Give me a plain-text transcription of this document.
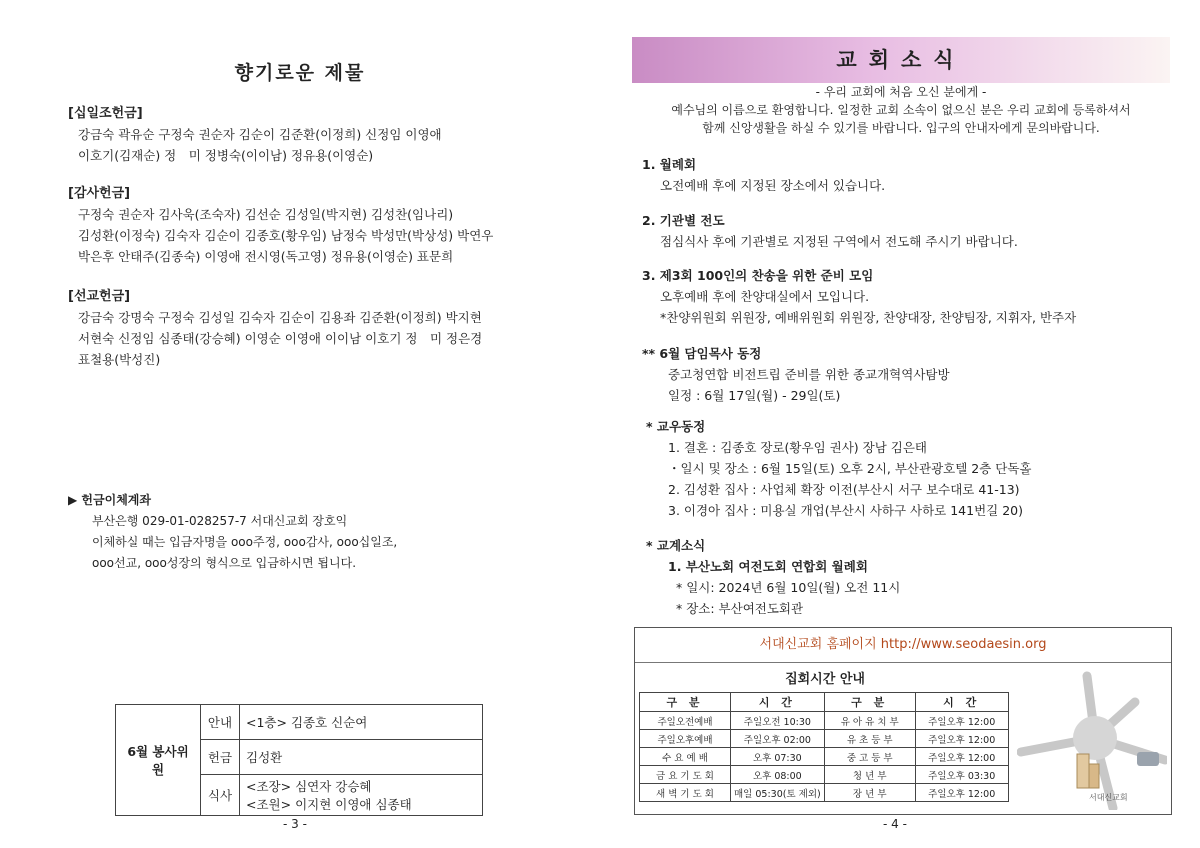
향기로운 제물
[십일조헌금]
강금숙 곽유순 구정숙 권순자 김순이 김준환(이정희) 신정임 이영애
이호기(김재순) 정　미 정병숙(이이남) 정유용(이영순)
[감사헌금]
구정숙 권순자 김사욱(조숙자) 김선순 김성일(박지현) 김성찬(임나리)
김성환(이정숙) 김숙자 김순이 김종호(황우임) 남정숙 박성만(박상성) 박연우
박은후 안태주(김종숙) 이영애 전시영(독고영) 정유용(이영순) 표문희
[선교헌금]
강금숙 강명숙 구정숙 김성일 김숙자 김순이 김용좌 김준환(이정희) 박지현
서현숙 신정임 심종태(강승혜) 이영순 이영애 이이남 이호기 정　미 정은경
표철용(박성진)
▶ 헌금이체계좌
부산은행 029-01-028257-7 서대신교회 장호익
이체하실 때는 입금자명을 ooo주정, ooo감사, ooo십일조,
ooo선교, ooo성장의 형식으로 입금하시면 됩니다.
6월 봉사위원	안내	<1층> 김종호 신순여
	헌금	김성환
	식사	<조장> 심연자 강승혜
<조원> 이지현 이영애 심종태
- 3 -
교회소식
- 우리 교회에 처음 오신 분에게 -
예수님의 이름으로 환영합니다. 일정한 교회 소속이 없으신 분은 우리 교회에 등록하셔서
함께 신앙생활을 하실 수 있기를 바랍니다. 입구의 안내자에게 문의바랍니다.
1. 월례회
오전예배 후에 지정된 장소에서 있습니다.
2. 기관별 전도
점심식사 후에 기관별로 지정된 구역에서 전도해 주시기 바랍니다.
3. 제3회 100인의 찬송을 위한 준비 모임
오후예배 후에 찬양대실에서 모입니다.
*찬양위원회 위원장, 예배위원회 위원장, 찬양대장, 찬양팀장, 지휘자, 반주자
** 6월 담임목사 동정
중고청연합 비전트립 준비를 위한 종교개혁역사탐방
일정 : 6월 17일(월) - 29일(토)
* 교우동정
1. 결혼 : 김종호 장로(황우임 권사) 장남 김은태
・일시 및 장소 : 6월 15일(토) 오후 2시, 부산관광호텔 2층 단독홀
2. 김성환 집사 : 사업체 확장 이전(부산시 서구 보수대로 41-13)
3. 이경아 집사 : 미용실 개업(부산시 사하구 사하로 141번길 20)
* 교계소식
1. 부산노회 여전도회 연합회 월례회
* 일시: 2024년 6월 10일(월) 오전 11시
* 장소: 부산여전도회관
서대신교회 홈페이지 http://www.seodaesin.org
집회시간 안내
구 분	시 간	구 분	시 간
주일오전예배	주일오전 10:30	유 아 유 치 부	주일오후 12:00
주일오후예배	주일오후 02:00	유 초 등 부	주일오후 12:00
수 요 예 배	오후 07:30	중 고 등 부	주일오후 12:00
금 요 기 도 회	오후 08:00	청 년 부	주일오후 03:30
새 벽 기 도 회	매일 05:30(토 제외)	장 년 부	주일오후 12:00	서대신교회
- 4 -
